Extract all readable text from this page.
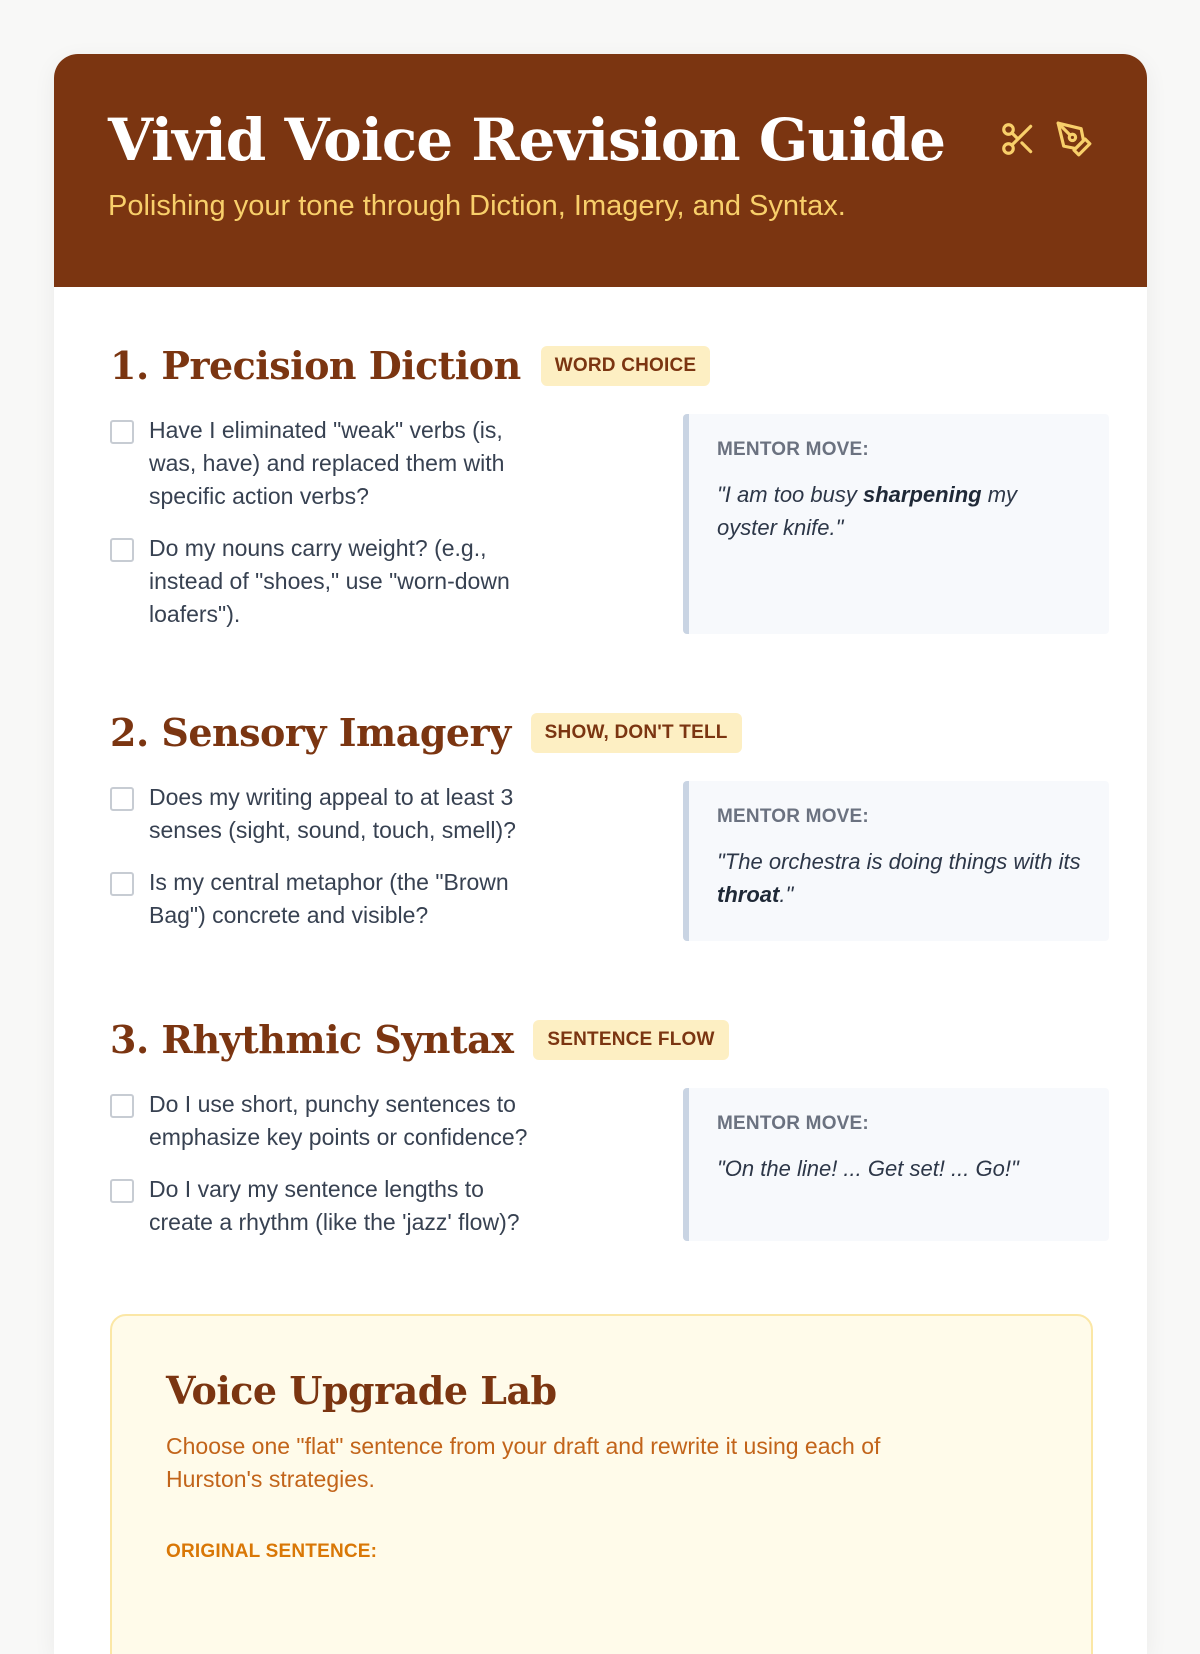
Vivid Voice Revision Guide
Polishing your tone through Diction, Imagery, and Syntax.
1. Precision Diction	WORD CHOICE
Have I eliminated "weak" verbs (is, was, have) and replaced them with specific action verbs?
Do my nouns carry weight? (e.g., instead of "shoes," use "worn-down loafers").
MENTOR MOVE:
"I am too busy sharpening my oyster knife."
2. Sensory Imagery	SHOW, DON'T TELL
Does my writing appeal to at least 3 senses (sight, sound, touch, smell)?
Is my central metaphor (the "Brown Bag") concrete and visible?
MENTOR MOVE:
"The orchestra is doing things with its throat."
3. Rhythmic Syntax	SENTENCE FLOW
Do I use short, punchy sentences to emphasize key points or confidence?
Do I vary my sentence lengths to create a rhythm (like the 'jazz' flow)?
MENTOR MOVE:
"On the line! ... Get set! ... Go!"
Voice Upgrade Lab
Choose one "flat" sentence from your draft and rewrite it using each of Hurston's strategies.
ORIGINAL SENTENCE:
